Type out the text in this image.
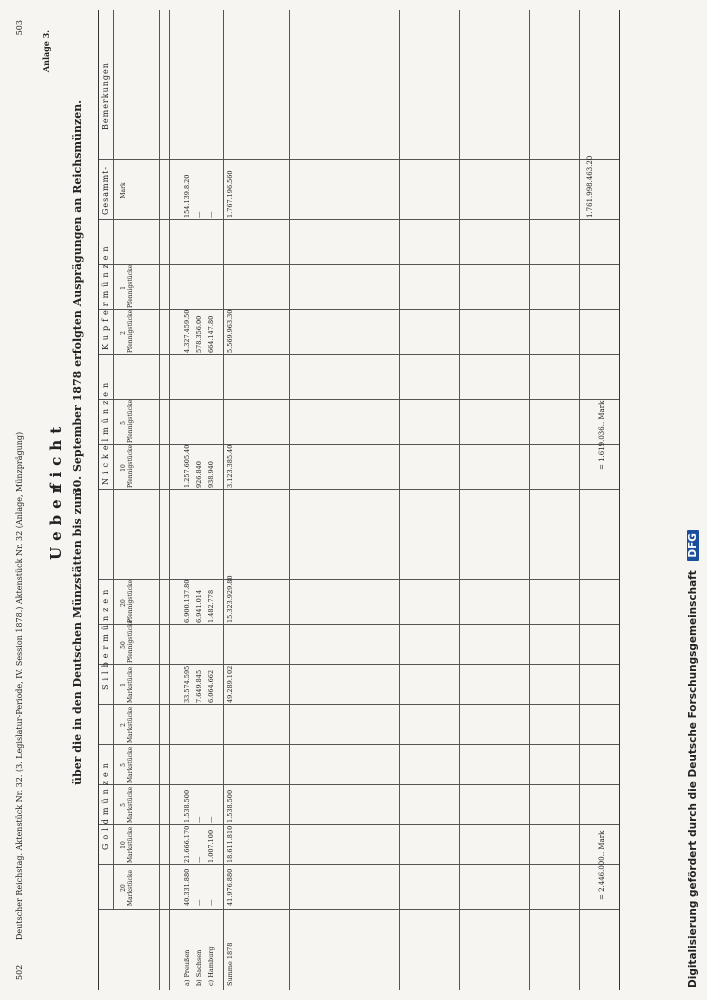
502
Deutscher Reichstag. Aktenstück Nr. 32. (3. Legislatur-Periode, IV. Session 1878.) Aktenstück Nr. 32 (Anlage, Münzprägung)
503
Anlage 3.
Ueber
ficht
über die in den Deutschen Münzstätten bis zum
30. September 1878 erfolgten Ausprägungen an Reichsmünzen.
Goldmünzen
Silbermünzen
Nickelmünzen
Kupfermünzen
Gesammt-
Bemerkungen
20 Markstücke
10 Markstücke
5 Markstücke
5 Markstücke
2 Markstücke
1 Markstücke
50 Pfennigstücke
20 Pfennigstücke
10 Pfennigstücke
5 Pfennigstücke
2 Pfennigstücke
1 Pfennigstücke
Mark
a) Preußen
40.331.880
21.666.170
1.538.500
33.574.595
6.900.137.80
1.257.605.40
4.327.459.50
154.139.8.20
b) Sachsen
—
—
—
7.649.845
6.941.014
926.840
578.356.00
—
c) Hamburg
—
1.007.100
—
6.064.662
1.482.778
938.940
664.147.80
—
Summe 1878
41.976.880
18.611.810
1.538.500
49.289.102
15.323.929.80
3.123.385.40
5.569.963.30
1.767.196.560
= 2.446.000.. Mark
= 1.619.036.. Mark
1.761.998.463.20
Digitalisierung gefördert durch die Deutsche Forschungsgemeinschaft DFG
